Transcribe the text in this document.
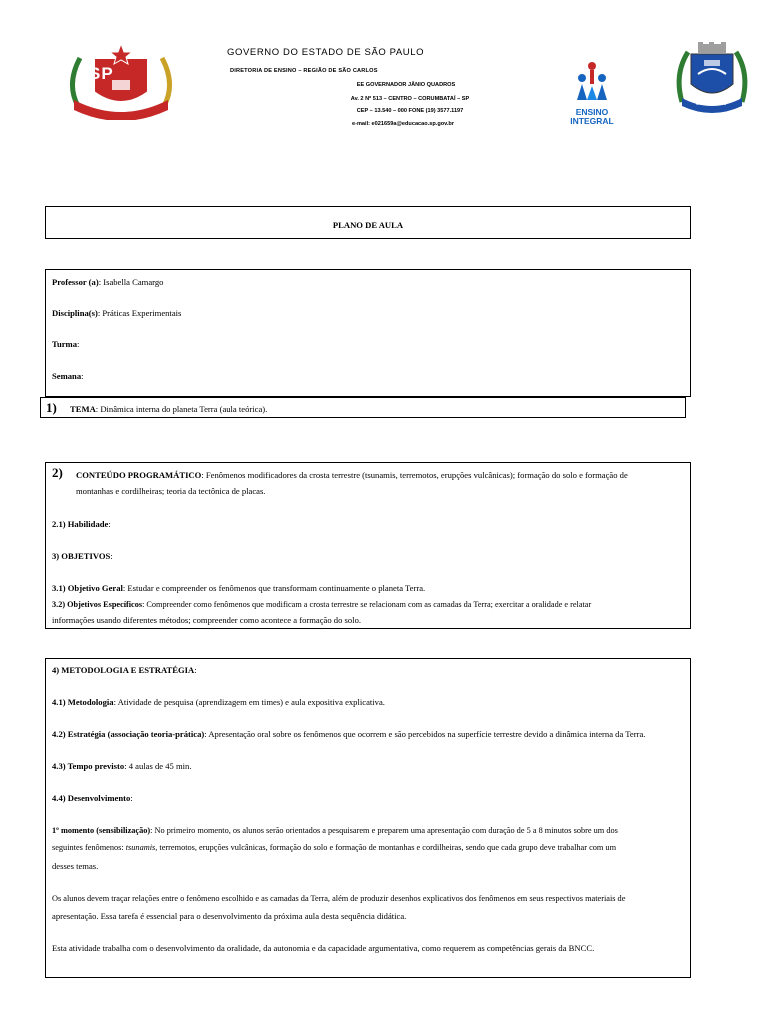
SP
GOVERNO DO ESTADO DE SÃO PAULO
DIRETORIA DE ENSINO – REGIÃO DE SÃO CARLOS
EE GOVERNADOR JÂNIO QUADROS
Av. 2 Nº 513 – CENTRO – CORUMBATAÍ – SP
CEP – 13.540 – 000 FONE (19) 3577.1197
e-mail: e021659a@educacao.sp.gov.br
ENSINO
INTEGRAL
CORUMBATAÍ
PLANO DE AULA
Professor (a): Isabella Camargo
Disciplina(s): Práticas Experimentais
Turma:
Semana:
1) TEMA: Dinâmica interna do planeta Terra (aula teórica).
2) CONTEÚDO PROGRAMÁTICO: Fenômenos modificadores da crosta terrestre (tsunamis, terremotos, erupções vulcânicas); formação do solo e formação de
montanhas e cordilheiras; teoria da tectônica de placas.
2.1) Habilidade:
3) OBJETIVOS:
3.1) Objetivo Geral: Estudar e compreender os fenômenos que transformam continuamente o planeta Terra.
3.2) Objetivos Específicos: Compreender como fenômenos que modificam a crosta terrestre se relacionam com as camadas da Terra; exercitar a oralidade e relatar
informações usando diferentes métodos; compreender como acontece a formação do solo.
4) METODOLOGIA E ESTRATÉGIA:
4.1) Metodologia: Atividade de pesquisa (aprendizagem em times) e aula expositiva explicativa.
4.2) Estratégia (associação teoria-prática): Apresentação oral sobre os fenômenos que ocorrem e são percebidos na superfície terrestre devido a dinâmica interna da Terra.
4.3) Tempo previsto: 4 aulas de 45 min.
4.4) Desenvolvimento:
1º momento (sensibilização): No primeiro momento, os alunos serão orientados a pesquisarem e preparem uma apresentação com duração de 5 a 8 minutos sobre um dos
seguintes fenômenos: tsunamis, terremotos, erupções vulcânicas, formação do solo e formação de montanhas e cordilheiras, sendo que cada grupo deve trabalhar com um
desses temas.
Os alunos devem traçar relações entre o fenômeno escolhido e as camadas da Terra, além de produzir desenhos explicativos dos fenômenos em seus respectivos materiais de
apresentação. Essa tarefa é essencial para o desenvolvimento da próxima aula desta sequência didática.
Esta atividade trabalha com o desenvolvimento da oralidade, da autonomia e da capacidade argumentativa, como requerem as competências gerais da BNCC.
